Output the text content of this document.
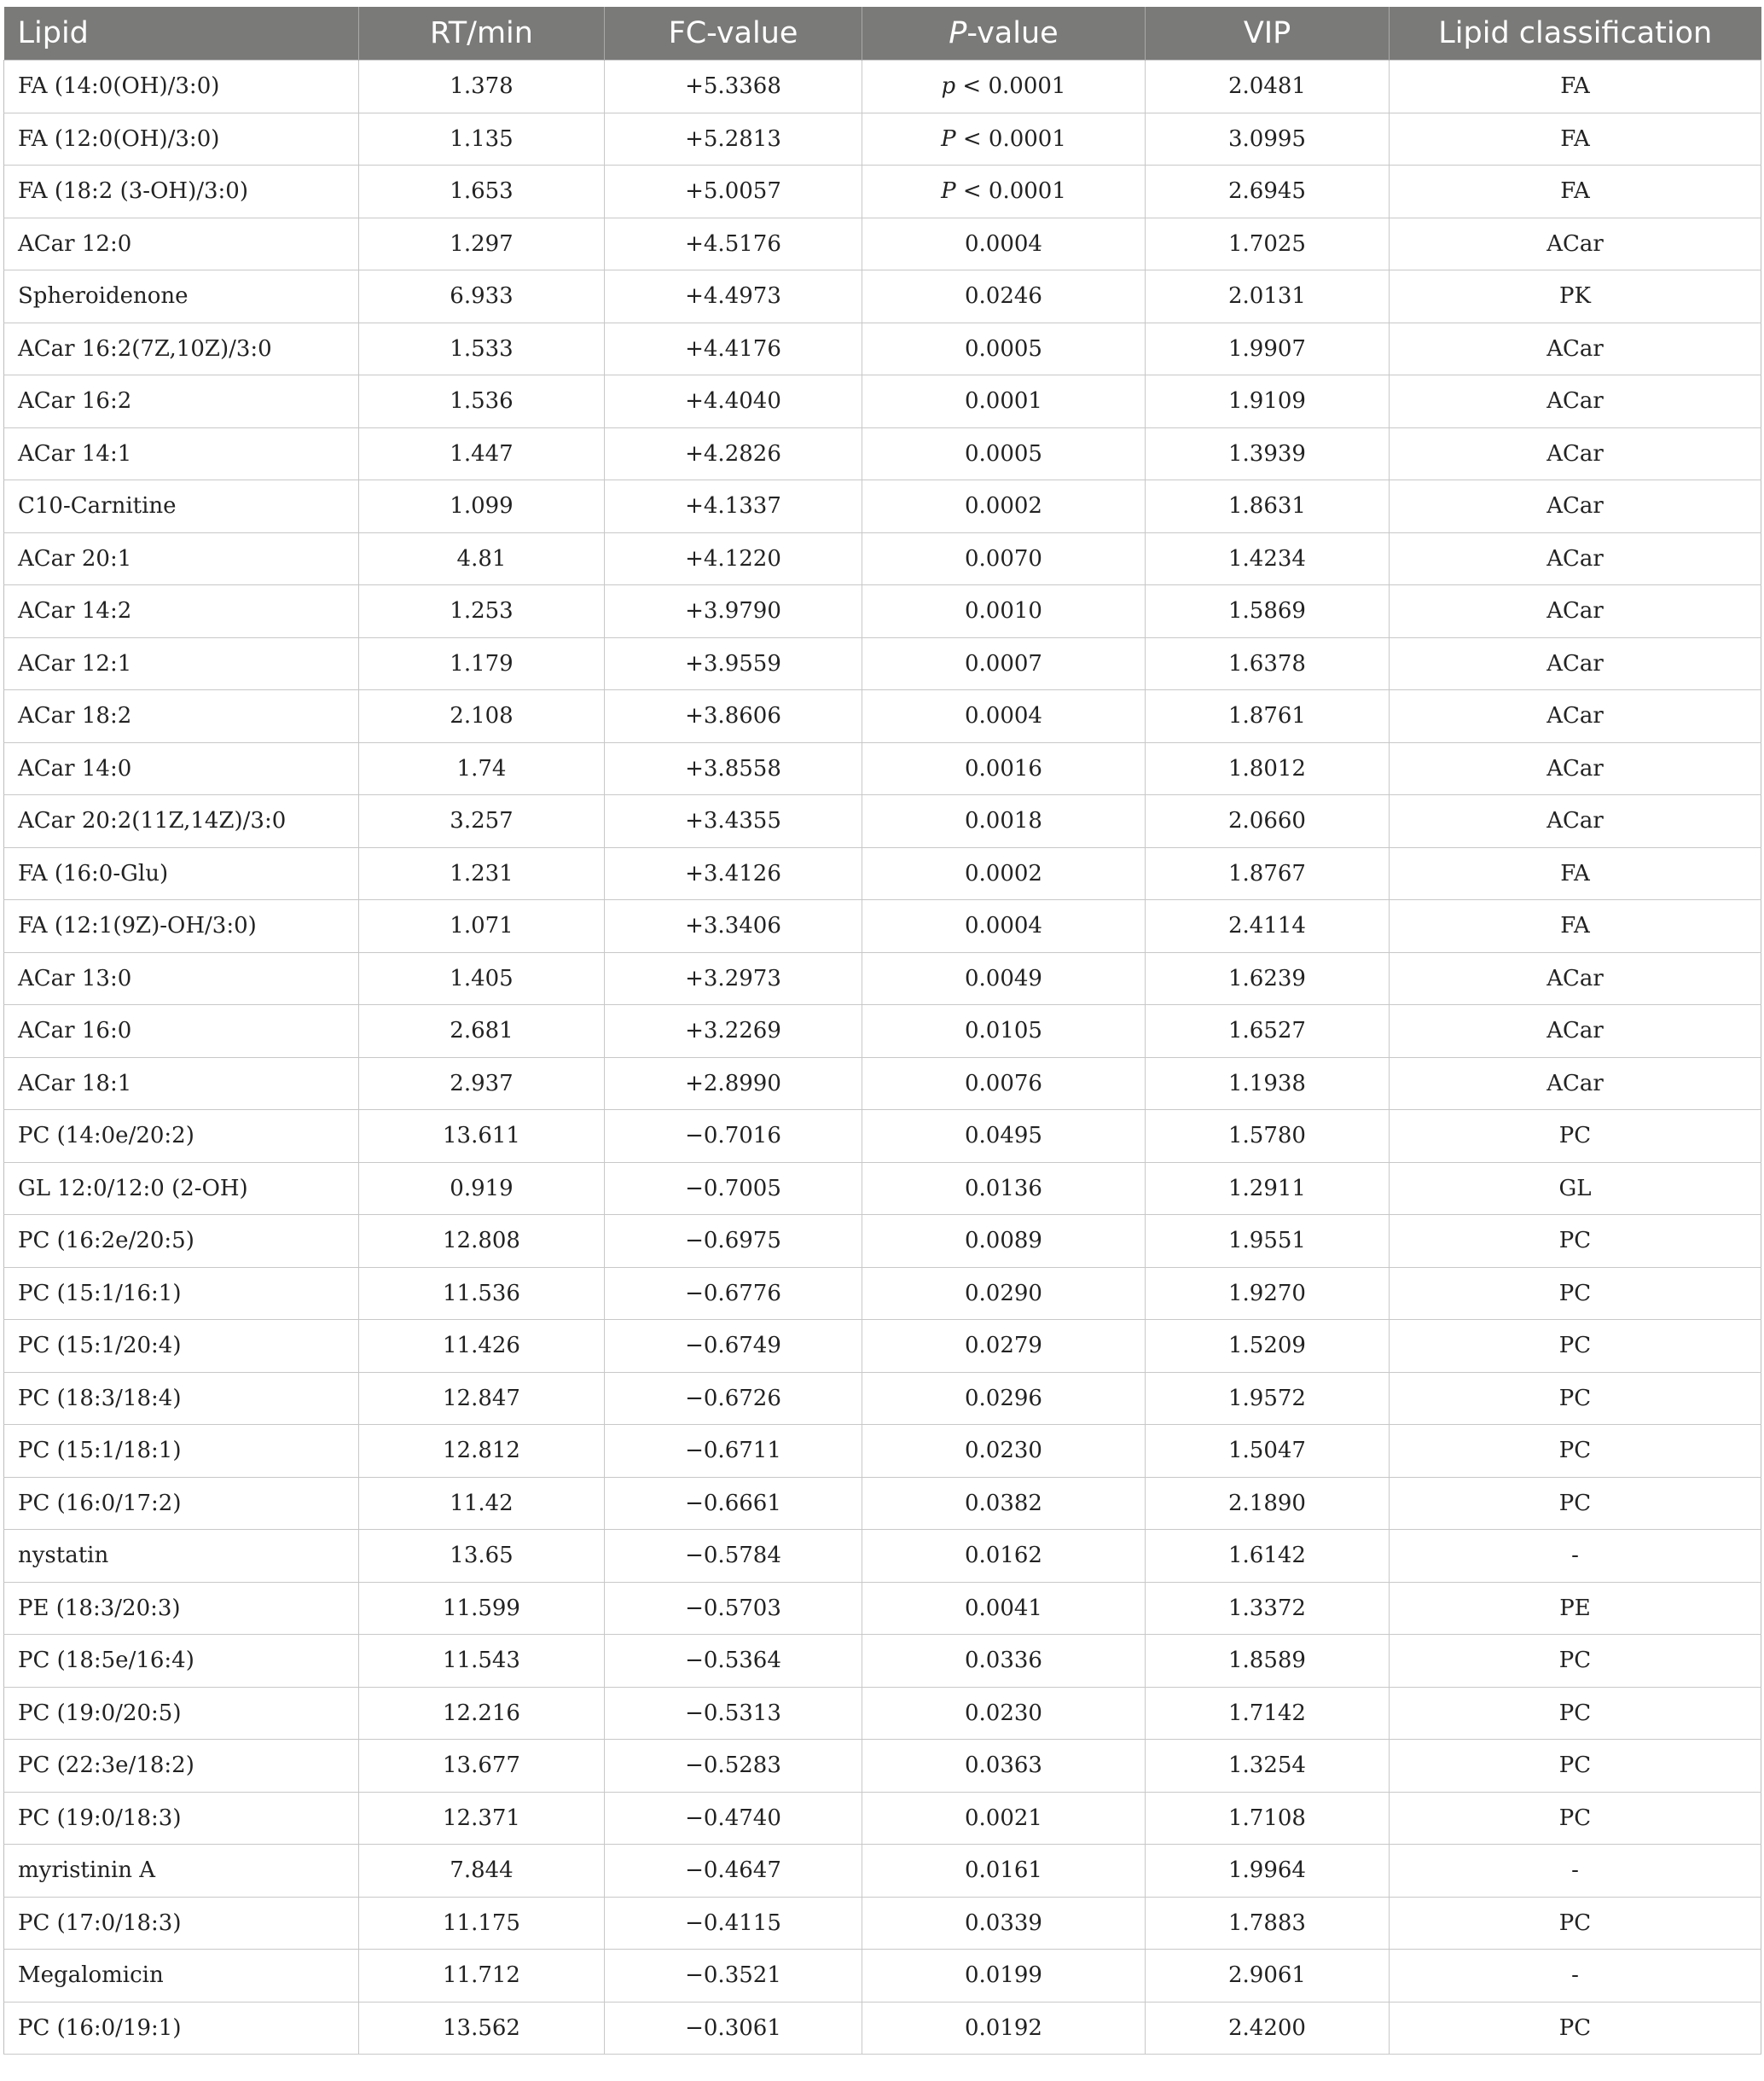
Lipid	RT/min	FC-value	P-value	VIP	Lipid classification
FA (14:0(OH)/3:0)	1.378	+5.3368	p < 0.0001	2.0481	FA
FA (12:0(OH)/3:0)	1.135	+5.2813	P < 0.0001	3.0995	FA
FA (18:2 (3-OH)/3:0)	1.653	+5.0057	P < 0.0001	2.6945	FA
ACar 12:0	1.297	+4.5176	0.0004	1.7025	ACar
Spheroidenone	6.933	+4.4973	0.0246	2.0131	PK
ACar 16:2(7Z,10Z)/3:0	1.533	+4.4176	0.0005	1.9907	ACar
ACar 16:2	1.536	+4.4040	0.0001	1.9109	ACar
ACar 14:1	1.447	+4.2826	0.0005	1.3939	ACar
C10-Carnitine	1.099	+4.1337	0.0002	1.8631	ACar
ACar 20:1	4.81	+4.1220	0.0070	1.4234	ACar
ACar 14:2	1.253	+3.9790	0.0010	1.5869	ACar
ACar 12:1	1.179	+3.9559	0.0007	1.6378	ACar
ACar 18:2	2.108	+3.8606	0.0004	1.8761	ACar
ACar 14:0	1.74	+3.8558	0.0016	1.8012	ACar
ACar 20:2(11Z,14Z)/3:0	3.257	+3.4355	0.0018	2.0660	ACar
FA (16:0-Glu)	1.231	+3.4126	0.0002	1.8767	FA
FA (12:1(9Z)-OH/3:0)	1.071	+3.3406	0.0004	2.4114	FA
ACar 13:0	1.405	+3.2973	0.0049	1.6239	ACar
ACar 16:0	2.681	+3.2269	0.0105	1.6527	ACar
ACar 18:1	2.937	+2.8990	0.0076	1.1938	ACar
PC (14:0e/20:2)	13.611	−0.7016	0.0495	1.5780	PC
GL 12:0/12:0 (2-OH)	0.919	−0.7005	0.0136	1.2911	GL
PC (16:2e/20:5)	12.808	−0.6975	0.0089	1.9551	PC
PC (15:1/16:1)	11.536	−0.6776	0.0290	1.9270	PC
PC (15:1/20:4)	11.426	−0.6749	0.0279	1.5209	PC
PC (18:3/18:4)	12.847	−0.6726	0.0296	1.9572	PC
PC (15:1/18:1)	12.812	−0.6711	0.0230	1.5047	PC
PC (16:0/17:2)	11.42	−0.6661	0.0382	2.1890	PC
nystatin	13.65	−0.5784	0.0162	1.6142	-
PE (18:3/20:3)	11.599	−0.5703	0.0041	1.3372	PE
PC (18:5e/16:4)	11.543	−0.5364	0.0336	1.8589	PC
PC (19:0/20:5)	12.216	−0.5313	0.0230	1.7142	PC
PC (22:3e/18:2)	13.677	−0.5283	0.0363	1.3254	PC
PC (19:0/18:3)	12.371	−0.4740	0.0021	1.7108	PC
myristinin A	7.844	−0.4647	0.0161	1.9964	-
PC (17:0/18:3)	11.175	−0.4115	0.0339	1.7883	PC
Megalomicin	11.712	−0.3521	0.0199	2.9061	-
PC (16:0/19:1)	13.562	−0.3061	0.0192	2.4200	PC
